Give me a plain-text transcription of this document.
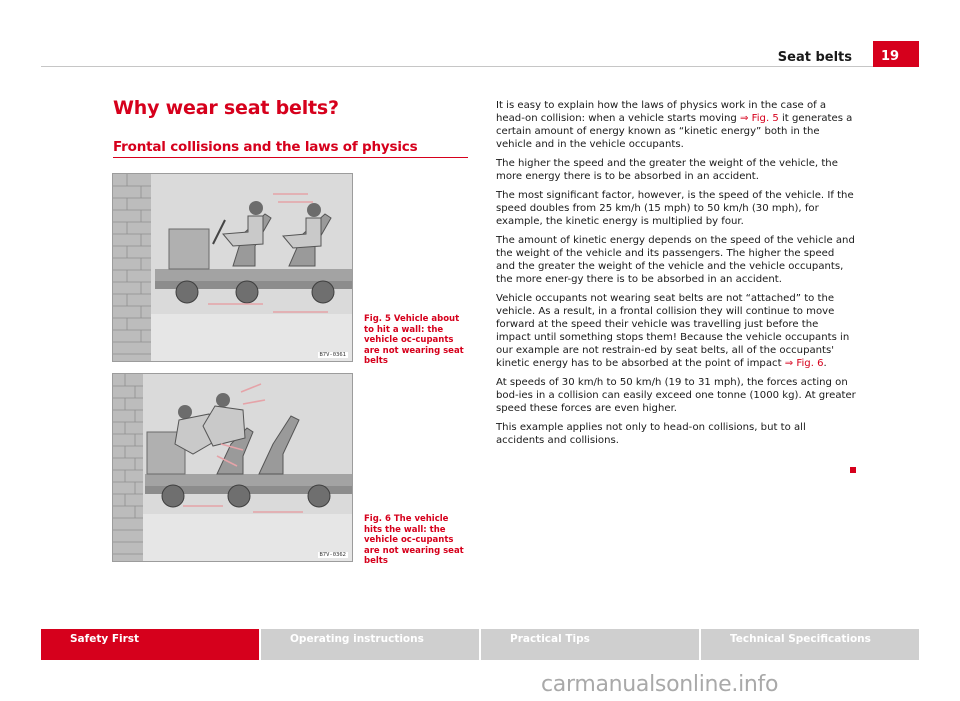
Seat belts	19
Why wear seat belts?
Frontal collisions and the laws of physics
B7V-0361
Fig. 5 Vehicle about to hit a wall: the vehicle oc-cupants are not wearing seat belts
B7V-0362
Fig. 6 The vehicle hits the wall: the vehicle oc-cupants are not wearing seat belts

It is easy to explain how the laws of physics work in the case of a head-on collision: when a vehicle starts moving ⇒ Fig. 5 it generates a certain amount of energy known as “kinetic energy” both in the vehicle and in the vehicle occupants.

The higher the speed and the greater the weight of the vehicle, the more energy there is to be absorbed in an accident.

The most significant factor, however, is the speed of the vehicle. If the speed doubles from 25 km/h (15 mph) to 50 km/h (30 mph), for example, the kinetic energy is multiplied by four.

The amount of kinetic energy depends on the speed of the vehicle and the weight of the vehicle and its passengers. The higher the speed and the greater the weight of the vehicle and the vehicle occupants, the more ener-gy there is to be absorbed in an accident.

Vehicle occupants not wearing seat belts are not “attached” to the vehicle. As a result, in a frontal collision they will continue to move forward at the speed their vehicle was travelling just before the impact until something stops them! Because the vehicle occupants in our example are not restrain-ed by seat belts, all of the occupants' kinetic energy has to be absorbed at the point of impact ⇒ Fig. 6.

At speeds of 30 km/h to 50 km/h (19 to 31 mph), the forces acting on bod-ies in a collision can easily exceed one tonne (1000 kg). At greater speed these forces are even higher.

This example applies not only to head-on collisions, but to all accidents and collisions.

Safety First	Operating instructions	Practical Tips	Technical Specifications
carmanualsonline.info
